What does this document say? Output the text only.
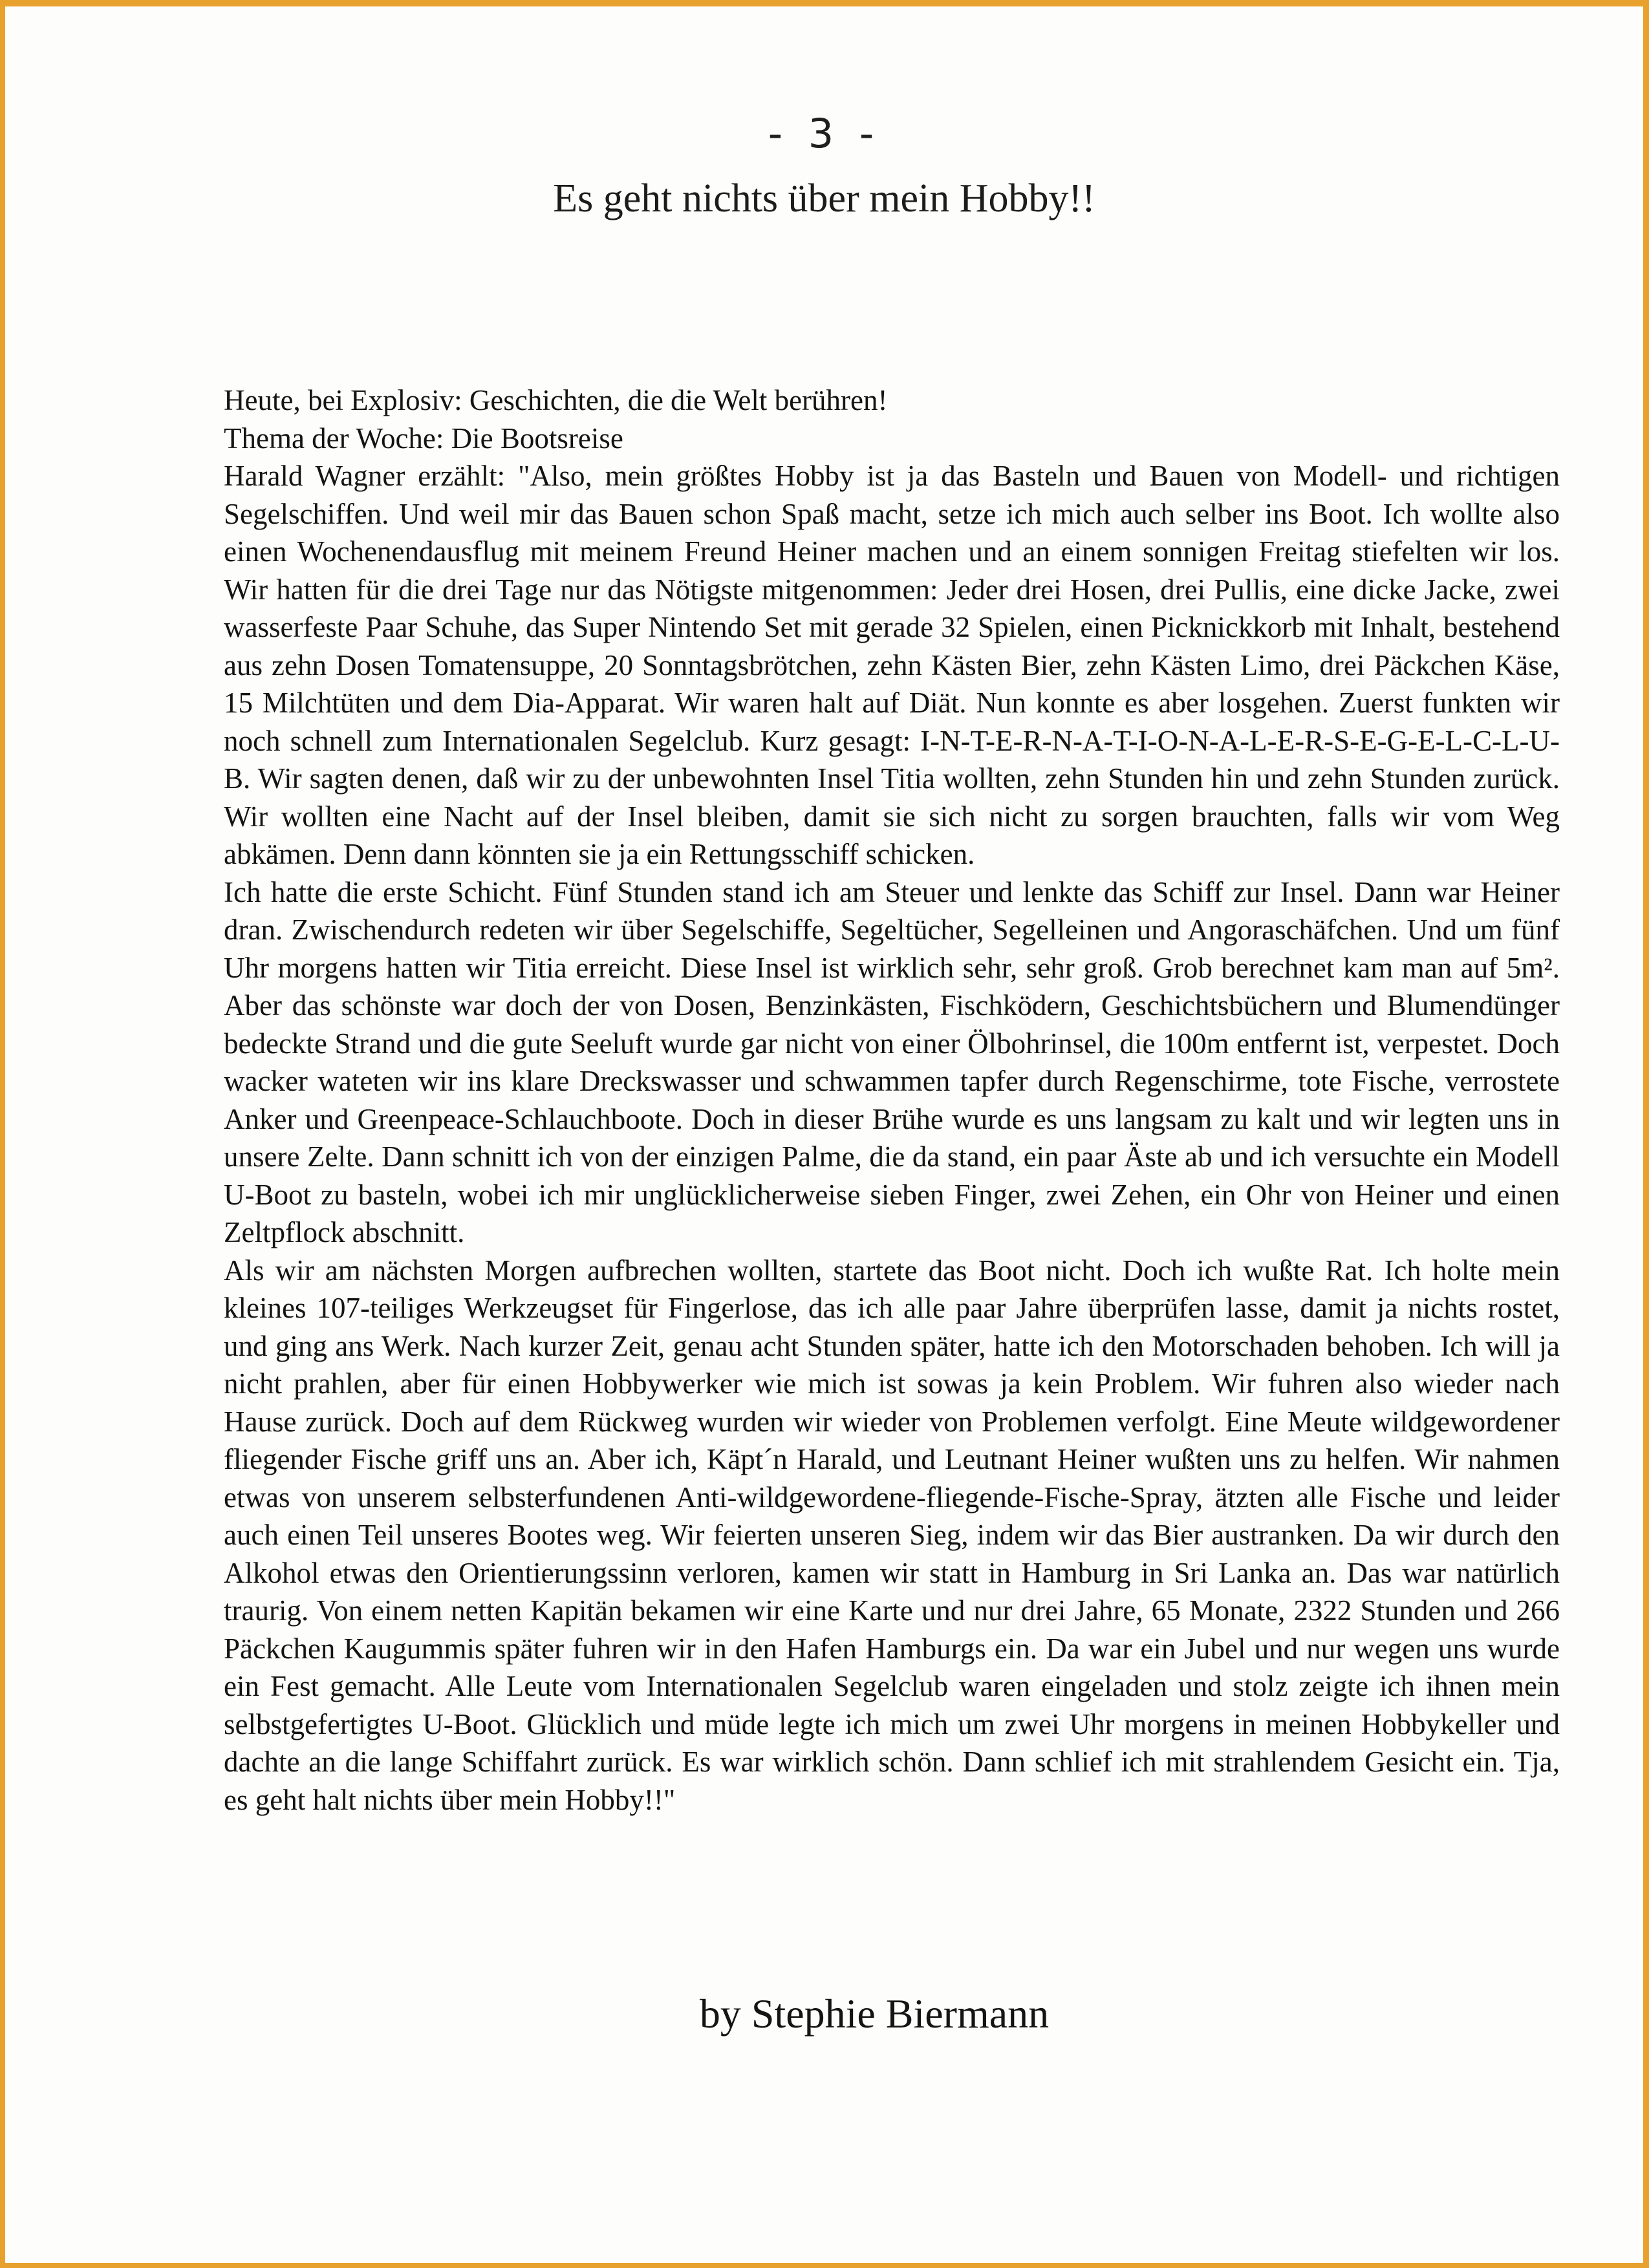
- 3 -
Es geht nichts über mein Hobby!!

Heute, bei Explosiv: Geschichten, die die Welt berühren!

Thema der Woche: Die Bootsreise

Harald Wagner erzählt: "Also, mein größtes Hobby ist ja das Basteln und Bauen von Modell- und richtigen Segelschiffen. Und weil mir das Bauen schon Spaß macht, setze ich mich auch selber ins Boot. Ich wollte also einen Wochenendausflug mit meinem Freund Heiner machen und an einem sonnigen Freitag stiefelten wir los. Wir hatten für die drei Tage nur das Nötigste mitgenommen: Jeder drei Hosen, drei Pullis, eine dicke Jacke, zwei wasserfeste Paar Schuhe, das Super Nintendo Set mit gerade 32 Spielen, einen Picknickkorb mit Inhalt, bestehend aus zehn Dosen Tomatensuppe, 20 Sonntagsbrötchen, zehn Kästen Bier, zehn Kästen Limo, drei Päckchen Käse, 15 Milchtüten und dem Dia-Apparat. Wir waren halt auf Diät. Nun konnte es aber losgehen. Zuerst funkten wir noch schnell zum Internationalen Segelclub. Kurz gesagt: I-N-T-E-R-N-A-T-I-O-N-A-L-E-R-S-E-G-E-L-C-L-U-B. Wir sagten denen, daß wir zu der unbewohnten Insel Titia wollten, zehn Stunden hin und zehn Stunden zurück. Wir wollten eine Nacht auf der Insel bleiben, damit sie sich nicht zu sorgen brauchten, falls wir vom Weg abkämen. Denn dann könnten sie ja ein Rettungsschiff schicken.

Ich hatte die erste Schicht. Fünf Stunden stand ich am Steuer und lenkte das Schiff zur Insel. Dann war Heiner dran. Zwischendurch redeten wir über Segelschiffe, Segeltücher, Segelleinen und Angoraschäfchen. Und um fünf Uhr morgens hatten wir Titia erreicht. Diese Insel ist wirklich sehr, sehr groß. Grob berechnet kam man auf 5m². Aber das schönste war doch der von Dosen, Benzinkästen, Fischködern, Geschichtsbüchern und Blumendünger bedeckte Strand und die gute Seeluft wurde gar nicht von einer Ölbohrinsel, die 100m entfernt ist, verpestet. Doch wacker wateten wir ins klare Dreckswasser und schwammen tapfer durch Regenschirme, tote Fische, verrostete Anker und Greenpeace-Schlauchboote. Doch in dieser Brühe wurde es uns langsam zu kalt und wir legten uns in unsere Zelte. Dann schnitt ich von der einzigen Palme, die da stand, ein paar Äste ab und ich versuchte ein Modell U-Boot zu basteln, wobei ich mir unglücklicherweise sieben Finger, zwei Zehen, ein Ohr von Heiner und einen Zeltpflock abschnitt.

Als wir am nächsten Morgen aufbrechen wollten, startete das Boot nicht. Doch ich wußte Rat. Ich holte mein kleines 107-teiliges Werkzeugset für Fingerlose, das ich alle paar Jahre überprüfen lasse, damit ja nichts rostet, und ging ans Werk. Nach kurzer Zeit, genau acht Stunden später, hatte ich den Motorschaden behoben. Ich will ja nicht prahlen, aber für einen Hobbywerker wie mich ist sowas ja kein Problem. Wir fuhren also wieder nach Hause zurück. Doch auf dem Rückweg wurden wir wieder von Problemen verfolgt. Eine Meute wildgewordener fliegender Fische griff uns an. Aber ich, Käpt´n Harald, und Leutnant Heiner wußten uns zu helfen. Wir nahmen etwas von unserem selbsterfundenen Anti-wildgewordene-fliegende-Fische-Spray, ätzten alle Fische und leider auch einen Teil unseres Bootes weg. Wir feierten unseren Sieg, indem wir das Bier austranken. Da wir durch den Alkohol etwas den Orientierungssinn verloren, kamen wir statt in Hamburg in Sri Lanka an. Das war natürlich traurig. Von einem netten Kapitän bekamen wir eine Karte und nur drei Jahre, 65 Monate, 2322 Stunden und 266 Päckchen Kaugummis später fuhren wir in den Hafen Hamburgs ein. Da war ein Jubel und nur wegen uns wurde ein Fest gemacht. Alle Leute vom Internationalen Segelclub waren eingeladen und stolz zeigte ich ihnen mein selbstgefertigtes U-Boot. Glücklich und müde legte ich mich um zwei Uhr morgens in meinen Hobbykeller und dachte an die lange Schiffahrt zurück. Es war wirklich schön. Dann schlief ich mit strahlendem Gesicht ein. Tja, es geht halt nichts über mein Hobby!!"

by Stephie Biermann
